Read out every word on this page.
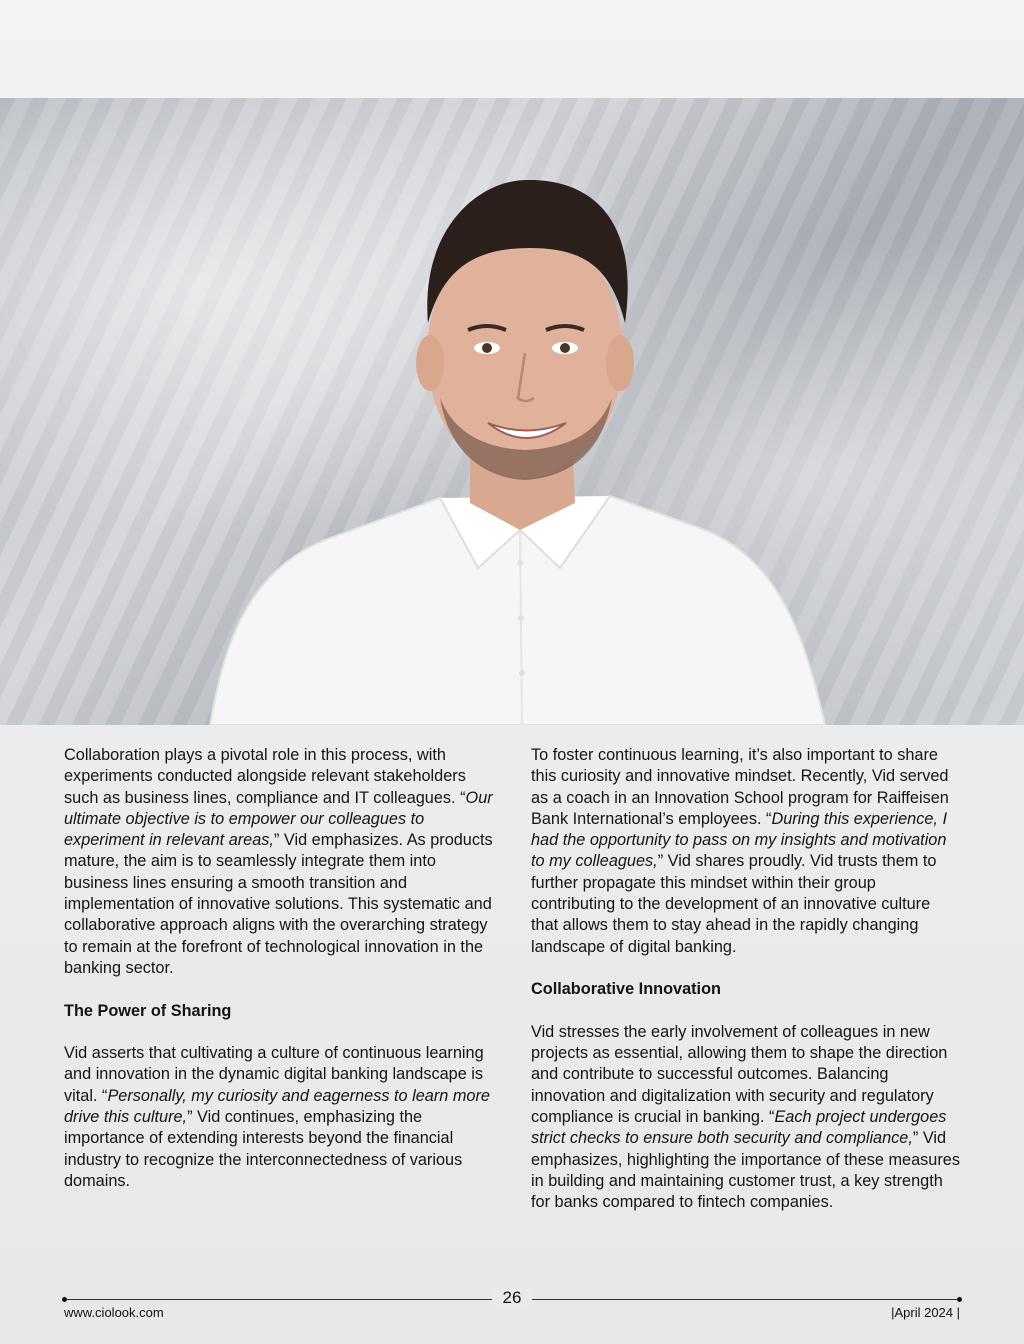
Collaboration plays a pivotal role in this process, with experiments conducted alongside relevant stakeholders such as business lines, compliance and IT colleagues. “Our ultimate objective is to empower our colleagues to experiment in relevant areas,” Vid emphasizes. As products mature, the aim is to seamlessly integrate them into business lines ensuring a smooth transition and implementation of innovative solutions. This systematic and collaborative approach aligns with the overarching strategy to remain at the forefront of technological innovation in the banking sector.

The Power of Sharing

Vid asserts that cultivating a culture of continuous learning and innovation in the dynamic digital banking landscape is vital. “Personally, my curiosity and eagerness to learn more drive this culture,” Vid continues, emphasizing the importance of extending interests beyond the financial industry to recognize the interconnectedness of various domains.

To foster continuous learning, it’s also important to share this curiosity and innovative mindset. Recently, Vid served as a coach in an Innovation School program for Raiffeisen Bank International’s employees. “During this experience, I had the opportunity to pass on my insights and motivation to my colleagues,” Vid shares proudly. Vid trusts them to further propagate this mindset within their group contributing to the development of an innovative culture that allows them to stay ahead in the rapidly changing landscape of digital banking.

Collaborative Innovation

Vid stresses the early involvement of colleagues in new projects as essential, allowing them to shape the direction and contribute to successful outcomes. Balancing innovation and digitalization with security and regulatory compliance is crucial in banking. “Each project undergoes strict checks to ensure both security and compliance,” Vid emphasizes, highlighting the importance of these measures in building and maintaining customer trust, a key strength for banks compared to fintech companies.

26
www.ciolook.com	|April 2024 |
